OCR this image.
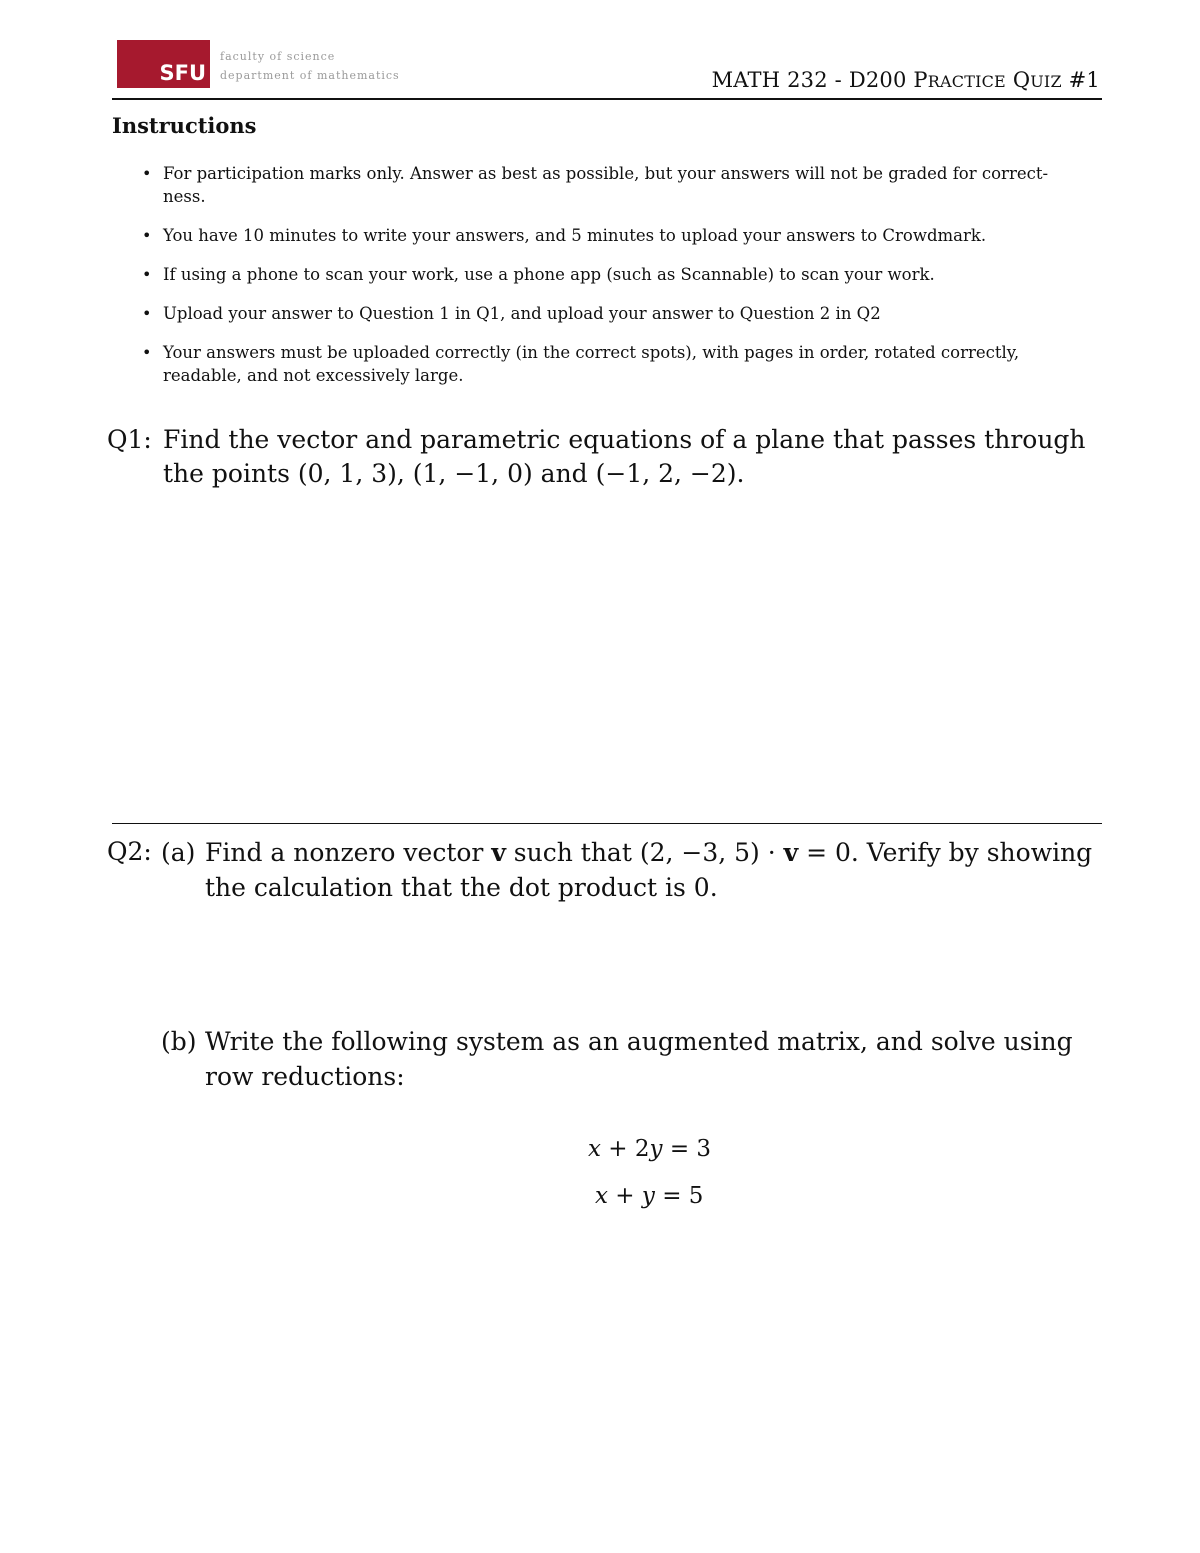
SFU
faculty of science
department of mathematics	MATH 232 - D200 PRACTICE QUIZ #1
Instructions
• For participation marks only. Answer as best as possible, but your answers will not be graded for correct-
ness.
• You have 10 minutes to write your answers, and 5 minutes to upload your answers to Crowdmark.
• If using a phone to scan your work, use a phone app (such as Scannable) to scan your work.
• Upload your answer to Question 1 in Q1, and upload your answer to Question 2 in Q2
• Your answers must be uploaded correctly (in the correct spots), with pages in order, rotated correctly,
readable, and not excessively large.
Q1: Find the vector and parametric equations of a plane that passes through
the points (0, 1, 3), (1, −1, 0) and (−1, 2, −2).
Q2: (a) Find a nonzero vector v such that (2, −3, 5) · v = 0. Verify by showing
the calculation that the dot product is 0.
(b) Write the following system as an augmented matrix, and solve using
row reductions:
x + 2y = 3
x + y = 5
